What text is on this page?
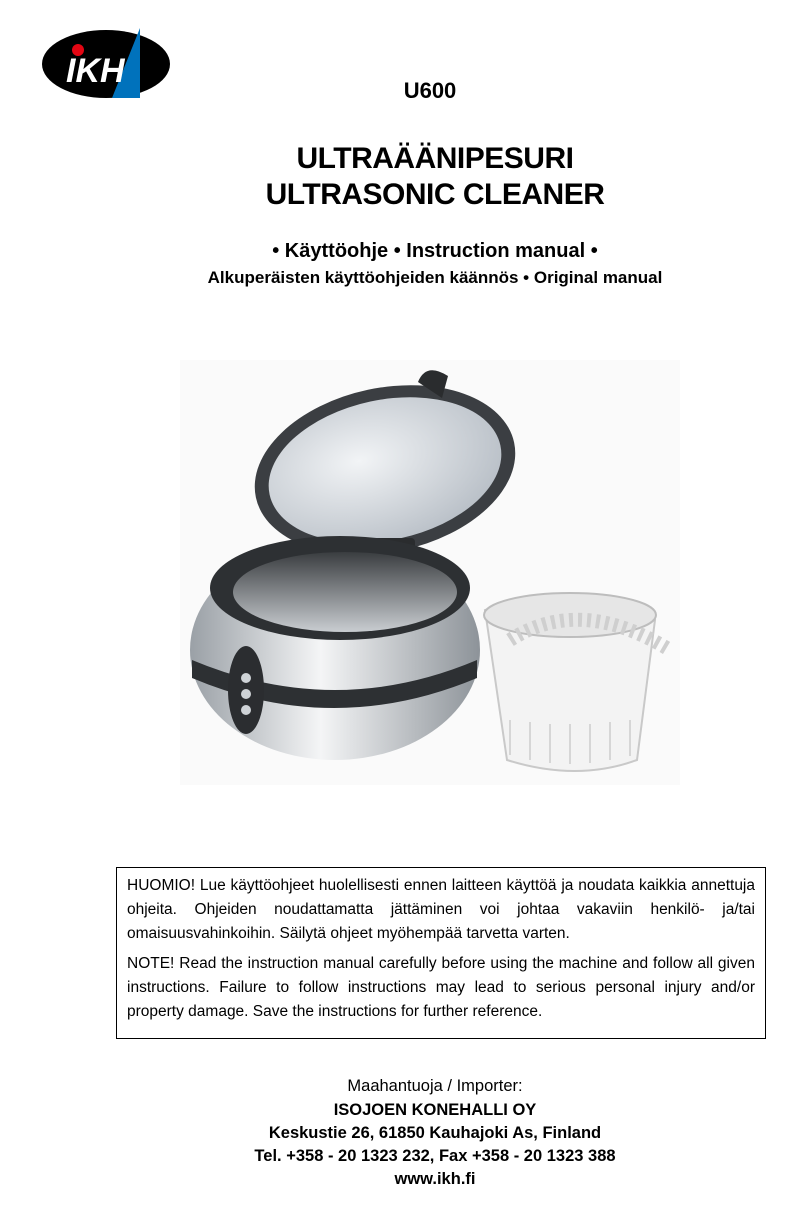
IKH
U600
ULTRAÄÄNIPESURI
ULTRASONIC CLEANER
• Käyttöohje • Instruction manual •
Alkuperäisten käyttöohjeiden käännös • Original manual

HUOMIO! Lue käyttöohjeet huolellisesti ennen laitteen käyttöä ja noudata kaikkia annettuja ohjeita. Ohjeiden noudattamatta jättäminen voi johtaa vakaviin henkilö- ja/tai omaisuusvahinkoihin. Säilytä ohjeet myöhempää tarvetta varten.

NOTE! Read the instruction manual carefully before using the machine and follow all given instructions. Failure to follow instructions may lead to serious personal injury and/or property damage. Save the instructions for further reference.

Maahantuoja / Importer:
ISOJOEN KONEHALLI OY
Keskustie 26, 61850 Kauhajoki As, Finland
Tel. +358 - 20 1323 232, Fax +358 - 20 1323 388
www.ikh.fi
